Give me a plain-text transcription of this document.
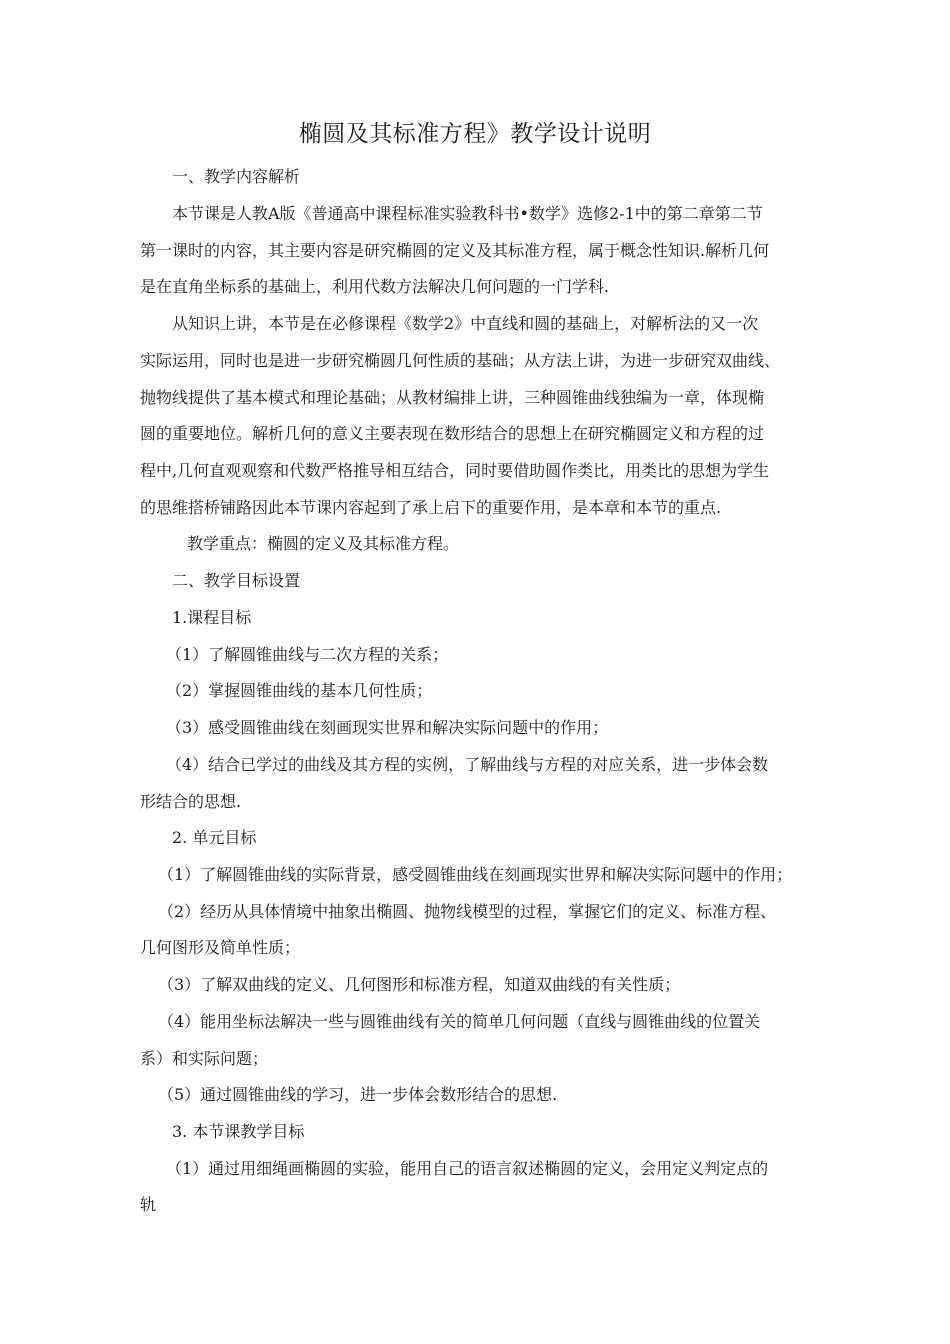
椭圆及其标准方程》教学设计说明
一、教学内容解析
本节课是人教A版《普通高中课程标准实验教科书•数学》选修2-1中的第二章第二节
第一课时的内容，其主要内容是研究椭圆的定义及其标准方程，属于概念性知识.解析几何
是在直角坐标系的基础上，利用代数方法解决几何问题的一门学科.
从知识上讲，本节是在必修课程《数学2》中直线和圆的基础上，对解析法的又一次
实际运用，同时也是进一步研究椭圆几何性质的基础；从方法上讲，为进一步研究双曲线、
抛物线提供了基本模式和理论基础；从教材编排上讲，三种圆锥曲线独编为一章，体现椭
圆的重要地位。解析几何的意义主要表现在数形结合的思想上在研究椭圆定义和方程的过
程中,几何直观观察和代数严格推导相互结合，同时要借助圆作类比，用类比的思想为学生
的思维搭桥铺路因此本节课内容起到了承上启下的重要作用，是本章和本节的重点.
教学重点：椭圆的定义及其标准方程。
二、教学目标设置
1.课程目标
（1）了解圆锥曲线与二次方程的关系；
（2）掌握圆锥曲线的基本几何性质；
（3）感受圆锥曲线在刻画现实世界和解决实际问题中的作用；
（4）结合已学过的曲线及其方程的实例，了解曲线与方程的对应关系，进一步体会数
形结合的思想.
2. 单元目标
（1）了解圆锥曲线的实际背景，感受圆锥曲线在刻画现实世界和解决实际问题中的作用；
（2）经历从具体情境中抽象出椭圆、抛物线模型的过程，掌握它们的定义、标准方程、
几何图形及简单性质；
（3）了解双曲线的定义、几何图形和标准方程，知道双曲线的有关性质；
（4）能用坐标法解决一些与圆锥曲线有关的简单几何问题（直线与圆锥曲线的位置关
系）和实际问题；
（5）通过圆锥曲线的学习，进一步体会数形结合的思想.
3. 本节课教学目标
（1）通过用细绳画椭圆的实验，能用自己的语言叙述椭圆的定义，会用定义判定点的
轨
